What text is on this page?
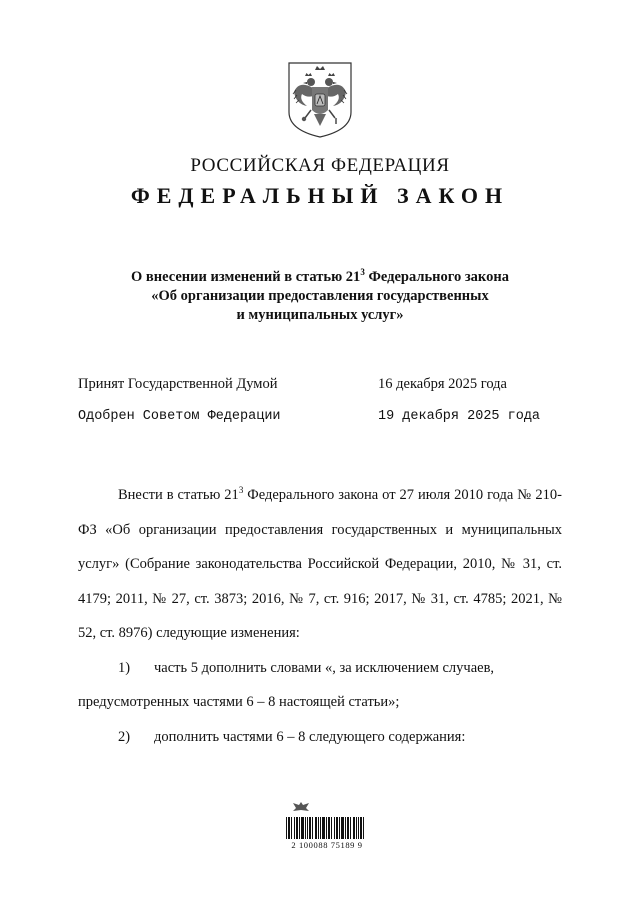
РОССИЙСКАЯ ФЕДЕРАЦИЯ
ФЕДЕРАЛЬНЫЙ ЗАКОН
О внесении изменений в статью $21^3$ Федерального закона
«Об организации предоставления государственных
и муниципальных услуг»
Принят Государственной Думой	16 декабря 2025 года
Одобрен Советом Федерации	19 декабря 2025 года

Внести в статью $21^3$ Федерального закона от 27 июля 2010 года № 210-ФЗ «Об организации предоставления государственных и муниципальных услуг» (Собрание законодательства Российской Федерации, 2010, № 31, ст. 4179; 2011, № 27, ст. 3873; 2016, № 7, ст. 916; 2017, № 31, ст. 4785; 2021, № 52, ст. 8976) следующие изменения:

1)	часть 5 дополнить словами «, за исключением случаев,

предусмотренных частями 6 – 8 настоящей статьи»;

2)	дополнить частями 6 – 8 следующего содержания:
2 100088 75189 9
